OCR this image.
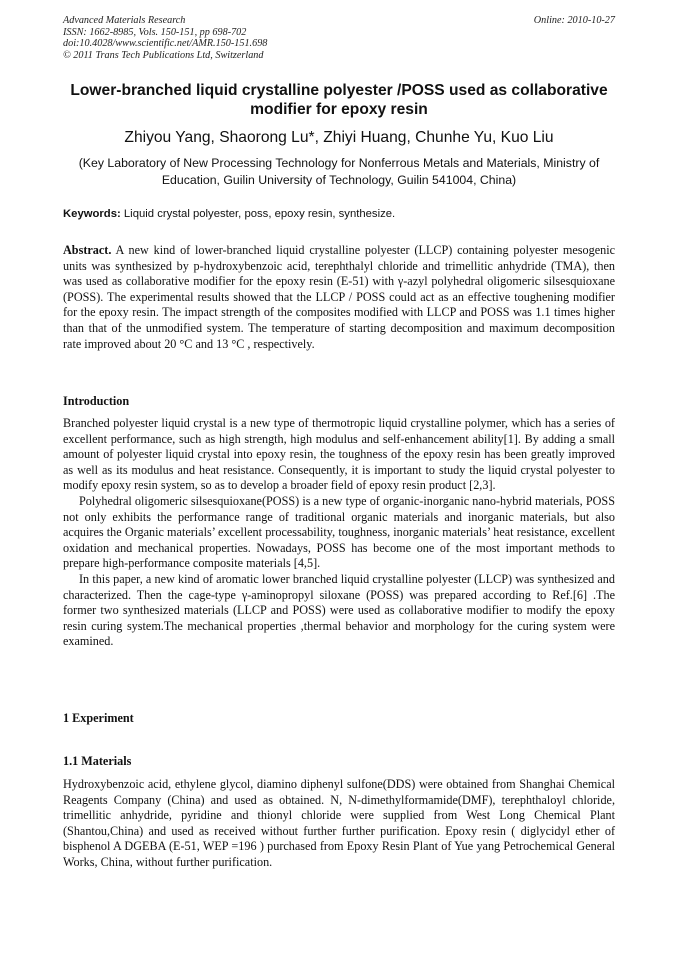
Advanced Materials Research
ISSN: 1662-8985, Vols. 150-151, pp 698-702
doi:10.4028/www.scientific.net/AMR.150-151.698
© 2011 Trans Tech Publications Ltd, Switzerland
Online: 2010-10-27
Lower-branched liquid crystalline polyester /POSS used as collaborative modifier for epoxy resin
Zhiyou Yang, Shaorong Lu*, Zhiyi Huang, Chunhe Yu, Kuo Liu
(Key Laboratory of New Processing Technology for Nonferrous Metals and Materials, Ministry of Education, Guilin University of Technology, Guilin 541004, China)
Keywords: Liquid crystal polyester, poss, epoxy resin, synthesize.
Abstract. A new kind of lower-branched liquid crystalline polyester (LLCP) containing polyester mesogenic units was synthesized by p-hydroxybenzoic acid, terephthalyl chloride and trimellitic anhydride (TMA), then was used as collaborative modifier for the epoxy resin (E-51) with γ-azyl polyhedral oligomeric silsesquioxane (POSS). The experimental results showed that the LLCP / POSS could act as an effective toughening modifier for the epoxy resin. The impact strength of the composites modified with LLCP and POSS was 1.1 times higher than that of the unmodified system. The temperature of starting decomposition and maximum decomposition rate improved about 20 °C and 13 °C , respectively.
Introduction

Branched polyester liquid crystal is a new type of thermotropic liquid crystalline polymer, which has a series of excellent performance, such as high strength, high modulus and self-enhancement ability[1]. By adding a small amount of polyester liquid crystal into epoxy resin, the toughness of the epoxy resin has been greatly improved as well as its modulus and heat resistance. Consequently, it is important to study the liquid crystal polyester to modify epoxy resin system, so as to develop a broader field of epoxy resin product [2,3].

Polyhedral oligomeric silsesquioxane(POSS) is a new type of organic-inorganic nano-hybrid materials, POSS not only exhibits the performance range of traditional organic materials and inorganic materials, but also acquires the Organic materials’ excellent processability, toughness, inorganic materials’ heat resistance, excellent oxidation and mechanical properties. Nowadays, POSS has become one of the most important methods to prepare high-performance composite materials [4,5].

In this paper, a new kind of aromatic lower branched liquid crystalline polyester (LLCP) was synthesized and characterized. Then the cage-type γ-aminopropyl siloxane (POSS) was prepared according to Ref.[6] .The former two synthesized materials (LLCP and POSS) were used as collaborative modifier to modify the epoxy resin curing system.The mechanical properties ,thermal behavior and morphology for the curing system were examined.

1 Experiment
1.1 Materials

Hydroxybenzoic acid, ethylene glycol, diamino diphenyl sulfone(DDS) were obtained from Shanghai Chemical Reagents Company (China) and used as obtained. N, N-dimethylformamide(DMF), terephthaloyl chloride, trimellitic anhydride, pyridine and thionyl chloride were supplied from West Long Chemical Plant (Shantou,China) and used as received without further further purification. Epoxy resin ( diglycidyl ether of bisphenol A DGEBA (E-51, WEP =196 ) purchased from Epoxy Resin Plant of Yue yang Petrochemical General Works, China, without further purification.
